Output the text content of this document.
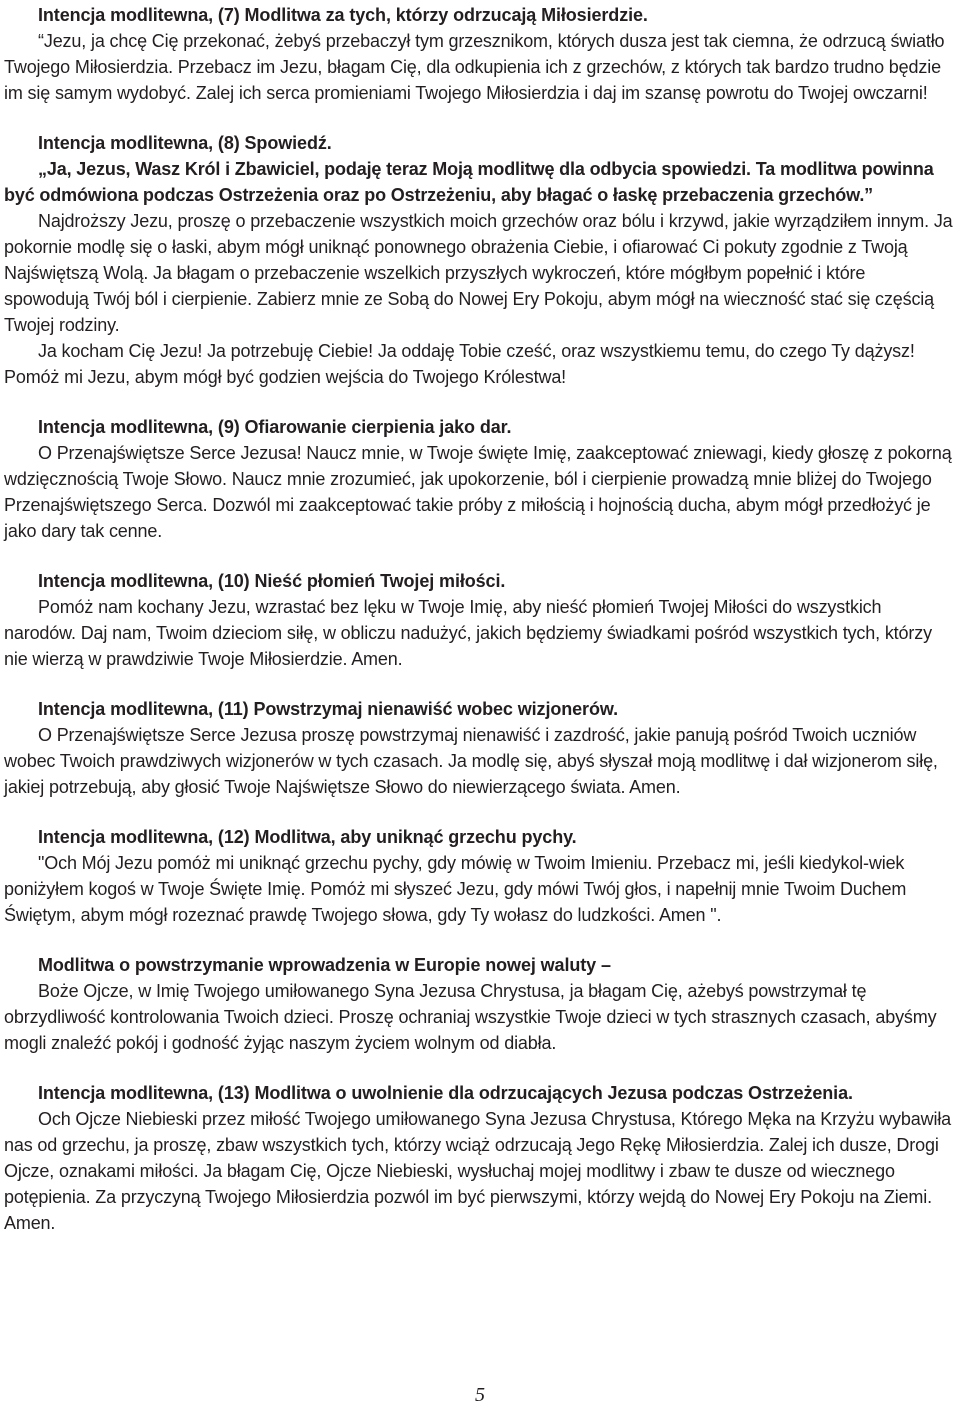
Intencja modlitewna, (7) Modlitwa za tych, którzy odrzucają Miłosierdzie.

“Jezu, ja chcę Cię przekonać, żebyś przebaczył tym grzesznikom, których dusza jest tak ciemna, że odrzucą światło Twojego Miłosierdzia. Przebacz im Jezu, błagam Cię, dla odkupienia ich z grzechów, z których tak bardzo trudno będzie im się samym wydobyć. Zalej ich serca promieniami Twojego Miłosierdzia i daj im szansę powrotu do Twojej owczarni!

Intencja modlitewna, (8) Spowiedź.

„Ja, Jezus, Wasz Król i Zbawiciel, podaję teraz Moją modlitwę dla odbycia spowiedzi. Ta modlitwa powinna być odmówiona podczas Ostrzeżenia oraz po Ostrzeżeniu, aby błagać o łaskę przebaczenia grzechów.”

Najdroższy Jezu, proszę o przebaczenie wszystkich moich grzechów oraz bólu i krzywd, jakie wyrządziłem innym. Ja pokornie modlę się o łaski, abym mógł uniknąć ponownego obrażenia Ciebie, i ofiarować Ci pokuty zgodnie z Twoją Najświętszą Wolą. Ja błagam o przebaczenie wszelkich przyszłych wykroczeń, które mógłbym popełnić i które spowodują Twój ból i cierpienie. Zabierz mnie ze Sobą do Nowej Ery Pokoju, abym mógł na wieczność stać się częścią Twojej rodziny.

Ja kocham Cię Jezu! Ja potrzebuję Ciebie! Ja oddaję Tobie cześć, oraz wszystkiemu temu, do czego Ty dążysz! Pomóż mi Jezu, abym mógł być godzien wejścia do Twojego Królestwa!

Intencja modlitewna, (9) Ofiarowanie cierpienia jako dar.

O Przenajświętsze Serce Jezusa! Naucz mnie, w Twoje święte Imię, zaakceptować zniewagi, kiedy głoszę z pokorną wdzięcznością Twoje Słowo. Naucz mnie zrozumieć, jak upokorzenie, ból i cierpienie prowadzą mnie bliżej do Twojego Przenajświętszego Serca. Dozwól mi zaakceptować takie próby z miłością i hojnością ducha, abym mógł przedłożyć je jako dary tak cenne.

Intencja modlitewna, (10) Nieść płomień Twojej miłości.

Pomóż nam kochany Jezu, wzrastać bez lęku w Twoje Imię, aby nieść płomień Twojej Miłości do wszystkich narodów. Daj nam, Twoim dzieciom siłę, w obliczu nadużyć, jakich będziemy świadkami pośród wszystkich tych, którzy nie wierzą w prawdziwie Twoje Miłosierdzie. Amen.

Intencja modlitewna, (11) Powstrzymaj nienawiść wobec wizjonerów.

O Przenajświętsze Serce Jezusa proszę powstrzymaj nienawiść i zazdrość, jakie panują pośród Twoich uczniów wobec Twoich prawdziwych wizjonerów w tych czasach. Ja modlę się, abyś słyszał moją modlitwę i dał wizjonerom siłę, jakiej potrzebują, aby głosić Twoje Najświętsze Słowo do niewierzącego świata. Amen.

Intencja modlitewna, (12) Modlitwa, aby uniknąć grzechu pychy.

"Och Mój Jezu pomóż mi uniknąć grzechu pychy, gdy mówię w Twoim Imieniu. Przebacz mi, jeśli kiedykol-wiek poniżyłem kogoś w Twoje Święte Imię. Pomóż mi słyszeć Jezu, gdy mówi Twój głos, i napełnij mnie Twoim Duchem Świętym, abym mógł rozeznać prawdę Twojego słowa, gdy Ty wołasz do ludzkości. Amen ".

Modlitwa o powstrzymanie wprowadzenia w Europie nowej waluty –

Boże Ojcze, w Imię Twojego umiłowanego Syna Jezusa Chrystusa, ja błagam Cię, ażebyś powstrzymał tę obrzydliwość kontrolowania Twoich dzieci. Proszę ochraniaj wszystkie Twoje dzieci w tych strasznych czasach, abyśmy mogli znaleźć pokój i godność żyjąc naszym życiem wolnym od diabła.

Intencja modlitewna, (13) Modlitwa o uwolnienie dla odrzucających Jezusa podczas Ostrzeżenia.

Och Ojcze Niebieski przez miłość Twojego umiłowanego Syna Jezusa Chrystusa, Którego Męka na Krzyżu wybawiła nas od grzechu, ja proszę, zbaw wszystkich tych, którzy wciąż odrzucają Jego Rękę Miłosierdzia. Zalej ich dusze, Drogi Ojcze, oznakami miłości. Ja błagam Cię, Ojcze Niebieski, wysłuchaj mojej modlitwy i zbaw te dusze od wiecznego potępienia. Za przyczyną Twojego Miłosierdzia pozwól im być pierwszymi, którzy wejdą do Nowej Ery Pokoju na Ziemi. Amen.

5
